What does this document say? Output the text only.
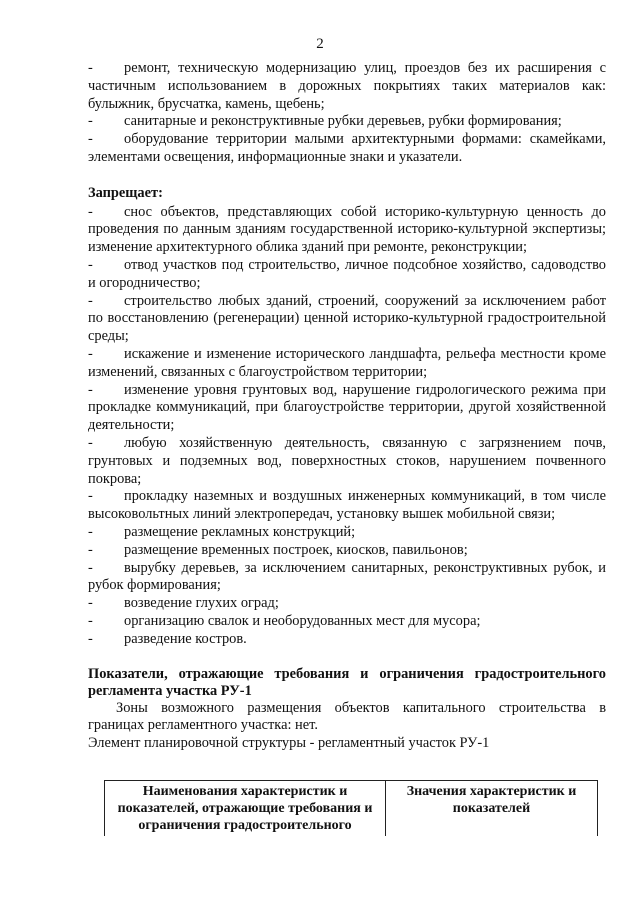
2

- ремонт, техническую модернизацию улиц, проездов без их расширения с частичным использованием в дорожных покрытиях таких материалов как: булыжник, брусчатка, камень, щебень;

- санитарные и реконструктивные рубки деревьев, рубки формирования;

- оборудование территории малыми архитектурными формами: скамейками, элементами освещения, информационные знаки и указатели.

Запрещает:

- снос объектов, представляющих собой историко-культурную ценность до проведения по данным зданиям государственной историко-культурной экспертизы; изменение архитектурного облика зданий при ремонте, реконструкции;

- отвод участков под строительство, личное подсобное хозяйство, садоводство и огородничество;

- строительство любых зданий, строений, сооружений за исключением работ по восстановлению (регенерации) ценной историко-культурной градостроительной среды;

- искажение и изменение исторического ландшафта, рельефа местности кроме изменений, связанных с благоустройством территории;

- изменение уровня грунтовых вод, нарушение гидрологического режима при прокладке коммуникаций, при благоустройстве территории, другой хозяйственной деятельности;

- любую хозяйственную деятельность, связанную с загрязнением почв, грунтовых и подземных вод, поверхностных стоков, нарушением почвенного покрова;

- прокладку наземных и воздушных инженерных коммуникаций, в том числе высоковольтных линий электропередач, установку вышек мобильной связи;

- размещение рекламных конструкций;

- размещение временных построек, киосков, павильонов;

- вырубку деревьев, за исключением санитарных, реконструктивных рубок, и рубок формирования;

- возведение глухих оград;

- организацию свалок и необорудованных мест для мусора;

- разведение костров.

Показатели, отражающие требования и ограничения градостроительного регламента участка РУ-1
Зоны возможного размещения объектов капитального строительства в границах регламентного участка: нет.
Элемент планировочной структуры - регламентный участок РУ-1
Наименования характеристик и показателей, отражающие требования и ограничения градостроительного	Значения характеристик и показателей
